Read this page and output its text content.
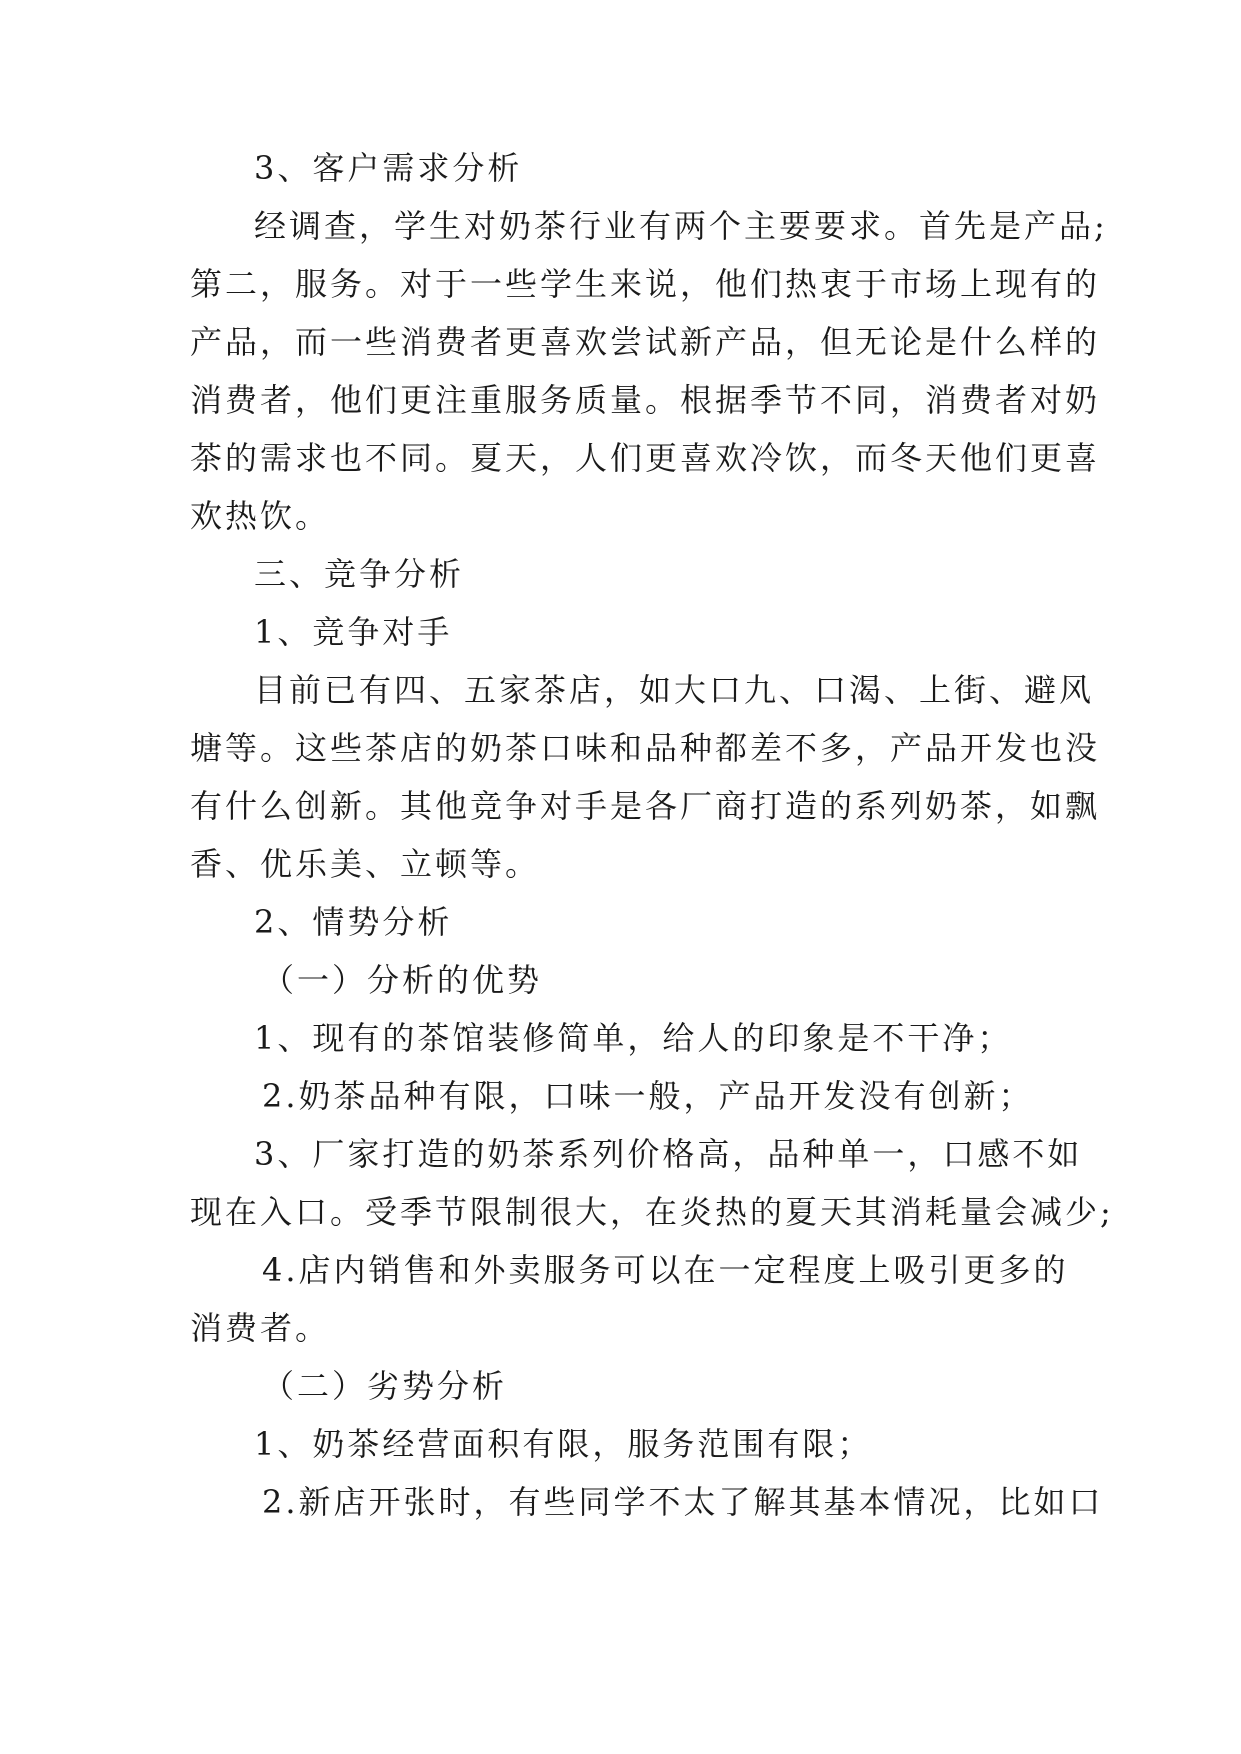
3、客户需求分析
经调查，学生对奶茶行业有两个主要要求。首先是产品;
第二，服务。对于一些学生来说，他们热衷于市场上现有的
产品，而一些消费者更喜欢尝试新产品，但无论是什么样的
消费者，他们更注重服务质量。根据季节不同，消费者对奶
茶的需求也不同。夏天，人们更喜欢冷饮，而冬天他们更喜
欢热饮。
三、竞争分析
1、竞争对手
目前已有四、五家茶店，如大口九、口渴、上街、避风
塘等。这些茶店的奶茶口味和品种都差不多，产品开发也没
有什么创新。其他竞争对手是各厂商打造的系列奶茶，如飘
香、优乐美、立顿等。
2、情势分析
（一）分析的优势
1、现有的茶馆装修简单，给人的印象是不干净；
2.奶茶品种有限，口味一般，产品开发没有创新；
3、厂家打造的奶茶系列价格高，品种单一，口感不如
现在入口。受季节限制很大，在炎热的夏天其消耗量会减少;
4.店内销售和外卖服务可以在一定程度上吸引更多的
消费者。
（二）劣势分析
1、奶茶经营面积有限，服务范围有限；
2.新店开张时，有些同学不太了解其基本情况，比如口
